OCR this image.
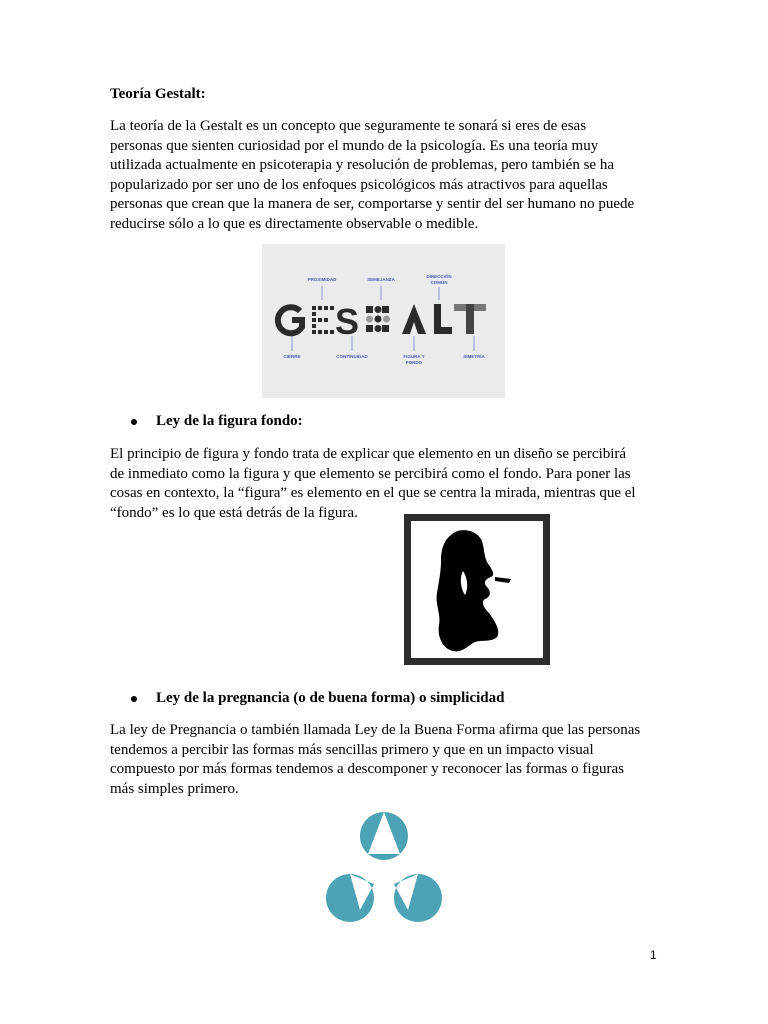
Teoría Gestalt:
La teoría de la Gestalt es un concepto que seguramente te sonará si eres de esas
personas que sienten curiosidad por el mundo de la psicología. Es una teoría muy
utilizada actualmente en psicoterapia y resolución de problemas, pero también se ha
popularizado por ser uno de los enfoques psicológicos más atractivos para aquellas
personas que crean que la manera de ser, comportarse y sentir del ser humano no puede
reducirse sólo a lo que es directamente observable o medible.
PROXIMIDAD	SEMEJANZA
DIRECCIÓN
COMÚN
CIERRE	CONTINUIDAD	FIGURA Y
FONDO
SIMETRÍA
S
Ley de la figura fondo:
El principio de figura y fondo trata de explicar que elemento en un diseño se percibirá
de inmediato como la figura y que elemento se percibirá como el fondo. Para poner las
cosas en contexto, la “figura” es elemento en el que se centra la mirada, mientras que el
“fondo” es lo que está detrás de la figura.
Ley de la pregnancia (o de buena forma) o simplicidad
La ley de Pregnancia o también llamada Ley de la Buena Forma afirma que las personas
tendemos a percibir las formas más sencillas primero y que en un impacto visual
compuesto por más formas tendemos a descomponer y reconocer las formas o figuras
más simples primero.
1
